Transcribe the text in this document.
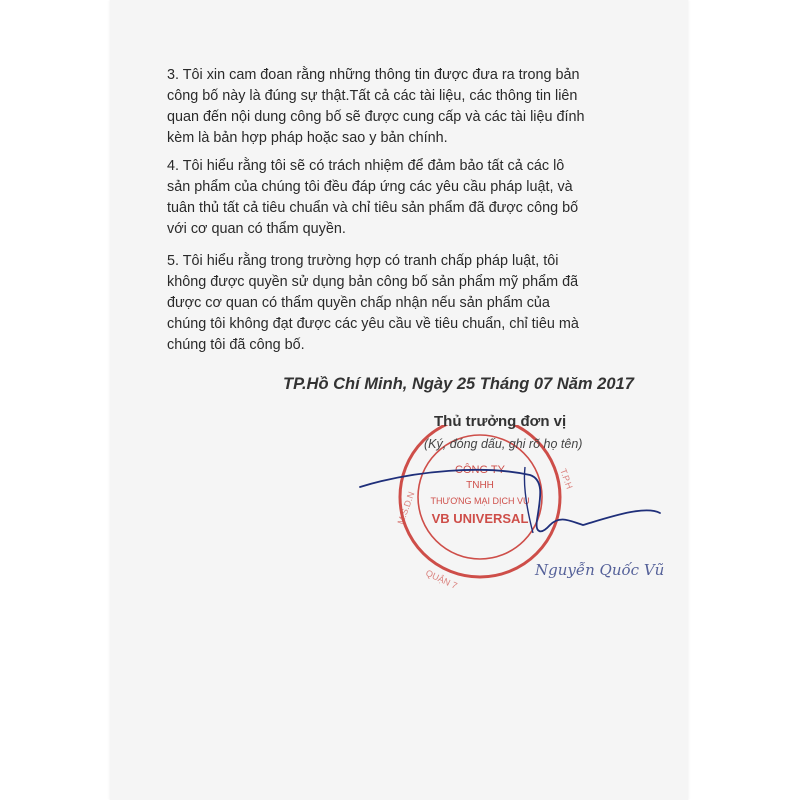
3. Tôi xin cam đoan rằng những thông tin được đưa ra trong bản
công bố này là đúng sự thật.Tất cả các tài liệu, các thông tin liên
quan đến nội dung công bố sẽ được cung cấp và các tài liệu đính
kèm là bản hợp pháp hoặc sao y bản chính.

4. Tôi hiểu rằng tôi sẽ có trách nhiệm để đảm bảo tất cả các lô
sản phẩm của chúng tôi đều đáp ứng các yêu cầu pháp luật, và
tuân thủ tất cả tiêu chuẩn và chỉ tiêu sản phẩm đã được công bố
với cơ quan có thẩm quyền.

5. Tôi hiểu rằng trong trường hợp có tranh chấp pháp luật, tôi
không được quyền sử dụng bản công bố sản phẩm mỹ phẩm đã
được cơ quan có thẩm quyền chấp nhận nếu sản phẩm của
chúng tôi không đạt được các yêu cầu về tiêu chuẩn, chỉ tiêu mà
chúng tôi đã công bố.

TP.Hồ Chí Minh, Ngày 25 Tháng 07 Năm 2017
CÔNG TY
TNHH
THƯƠNG MẠI DỊCH VỤ
VB UNIVERSAL
M.S.D.N
T.P.H
QUẬN 7	Nguyễn Quốc Vũ
Thủ trưởng đơn vị
(Ký, đóng dấu, ghi rõ họ tên)
